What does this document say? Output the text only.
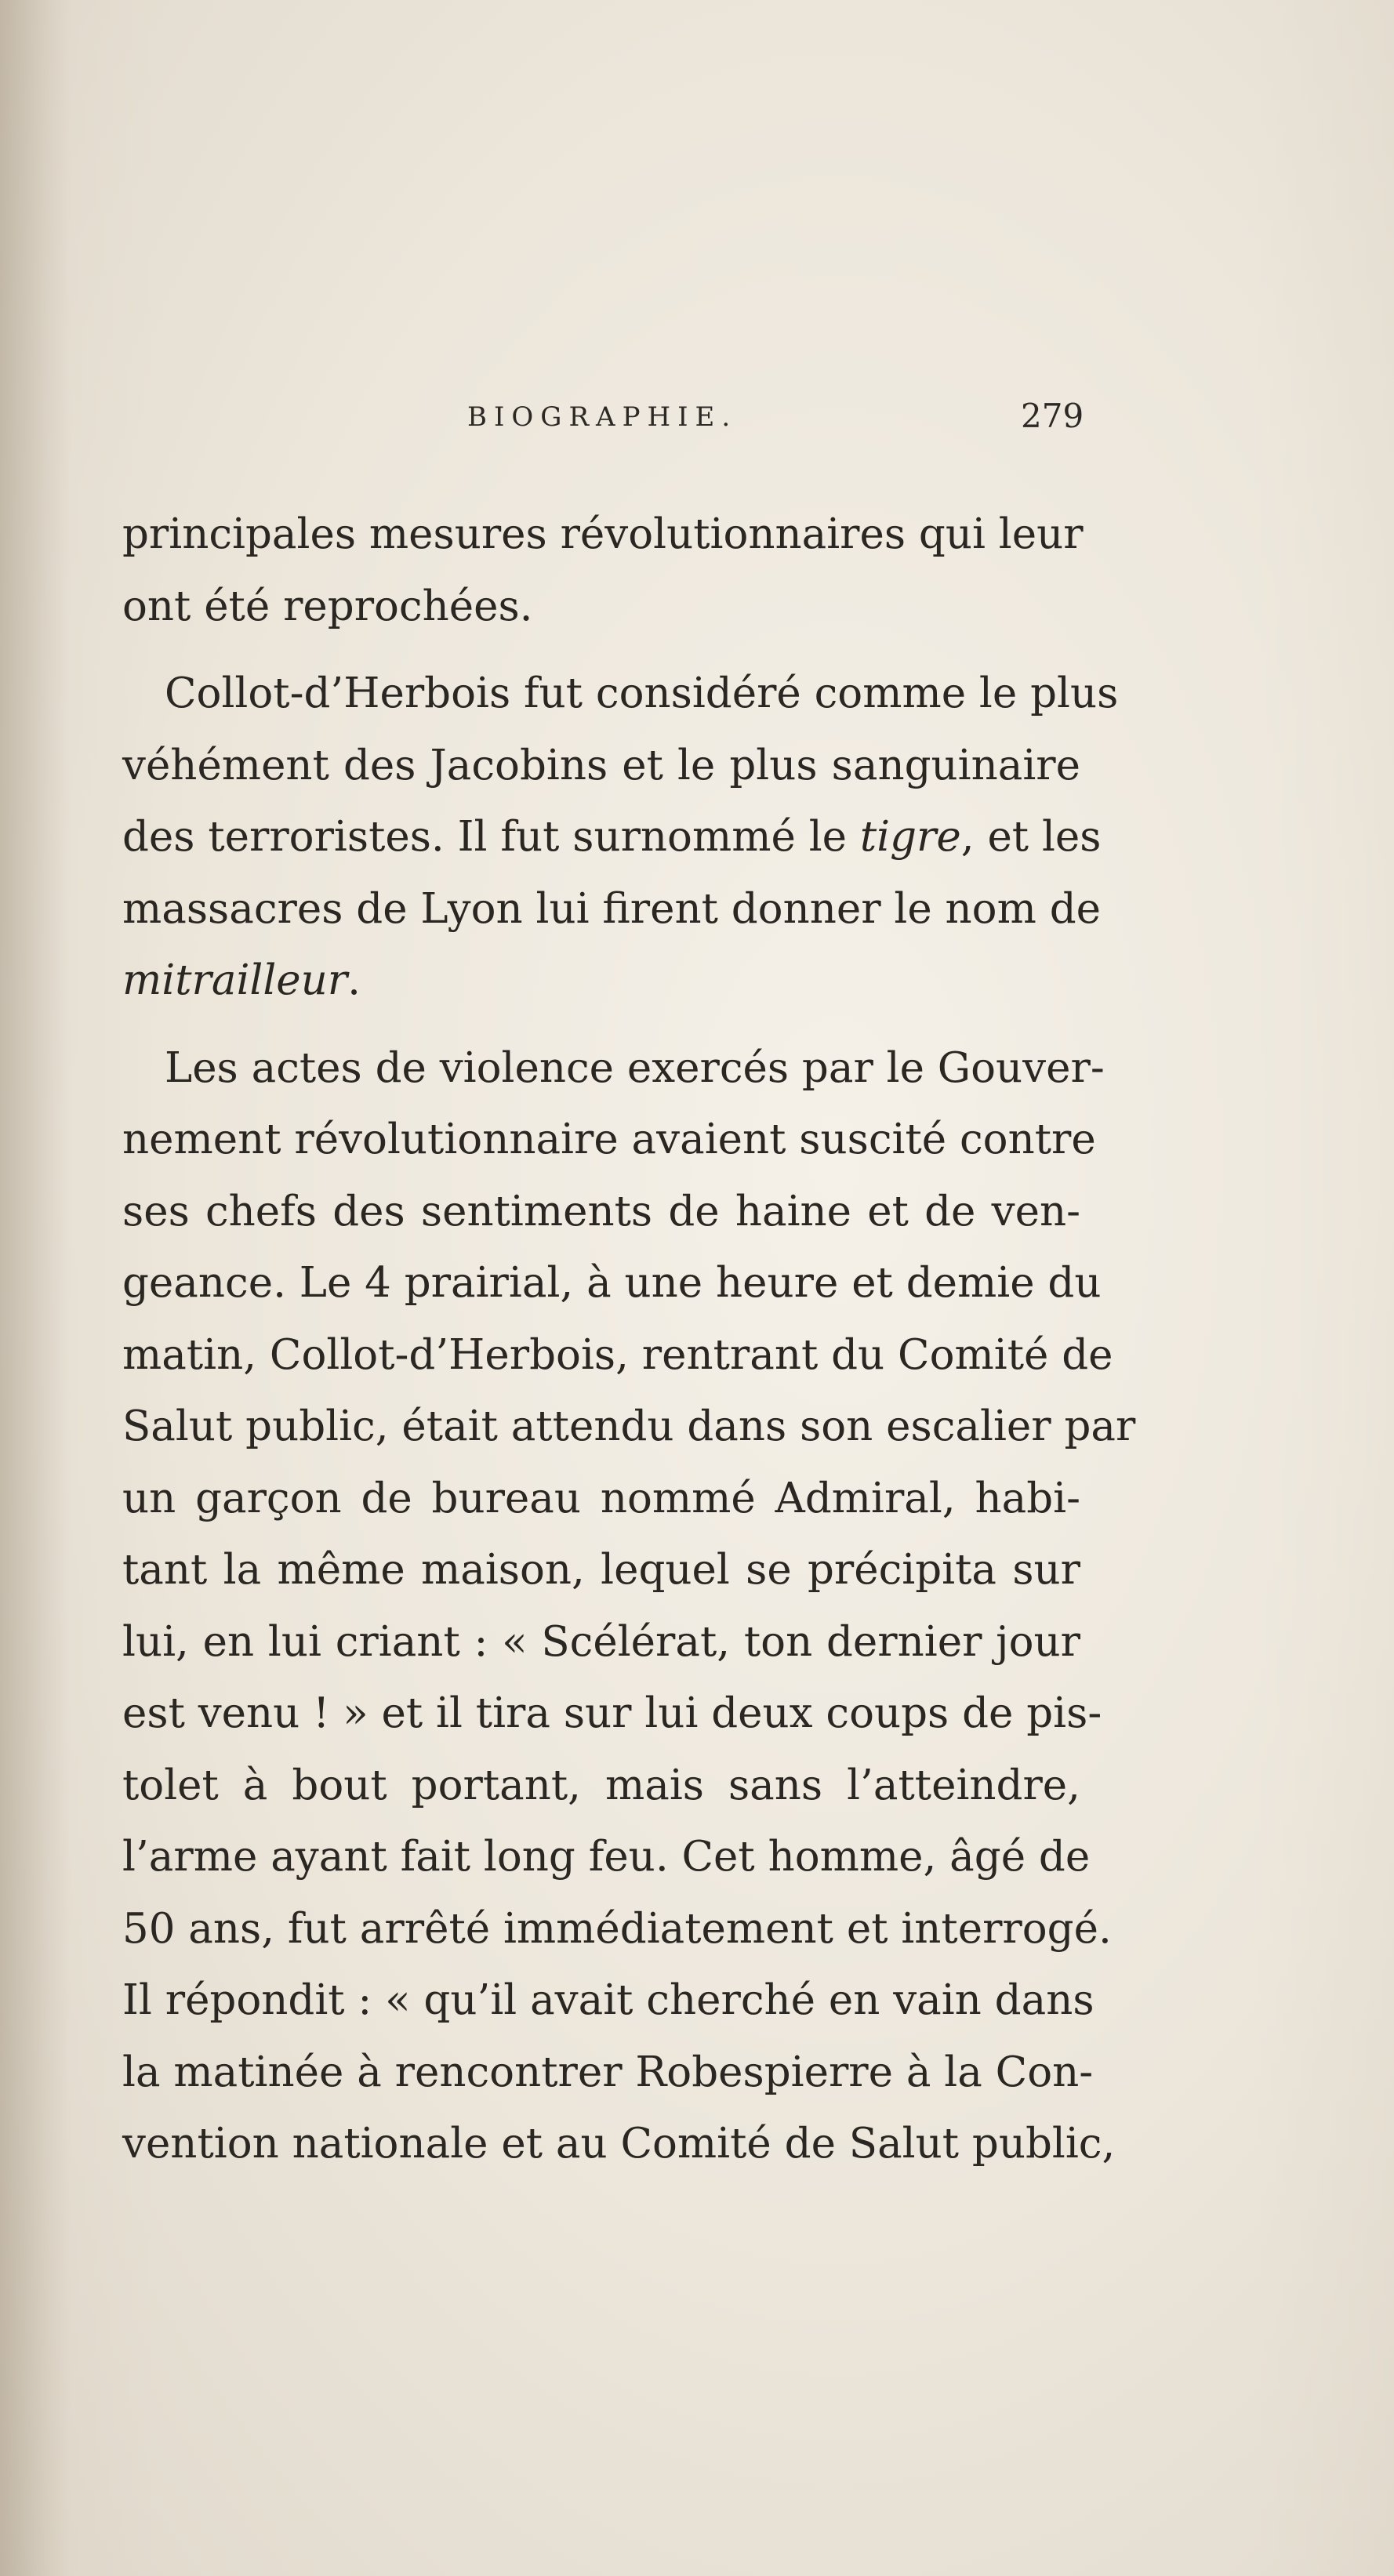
BIOGRAPHIE.	279
principales mesures révolutionnaires qui leur
ont été reprochées.
Collot-d’Herbois fut considéré comme le plus
véhément des Jacobins et le plus sanguinaire
des terroristes. Il fut surnommé le tigre, et les
massacres de Lyon lui firent donner le nom de
mitrailleur.
Les actes de violence exercés par le Gouver-
nement révolutionnaire avaient suscité contre
ses chefs des sentiments de haine et de ven-
geance. Le 4 prairial, à une heure et demie du
matin, Collot-d’Herbois, rentrant du Comité de
Salut public, était attendu dans son escalier par
un garçon de bureau nommé Admiral, habi-
tant la même maison, lequel se précipita sur
lui, en lui criant : « Scélérat, ton dernier jour
est venu ! » et il tira sur lui deux coups de pis-
tolet à bout portant, mais sans l’atteindre,
l’arme ayant fait long feu. Cet homme, âgé de
50 ans, fut arrêté immédiatement et interrogé.
Il répondit : « qu’il avait cherché en vain dans
la matinée à rencontrer Robespierre à la Con-
vention nationale et au Comité de Salut public,
